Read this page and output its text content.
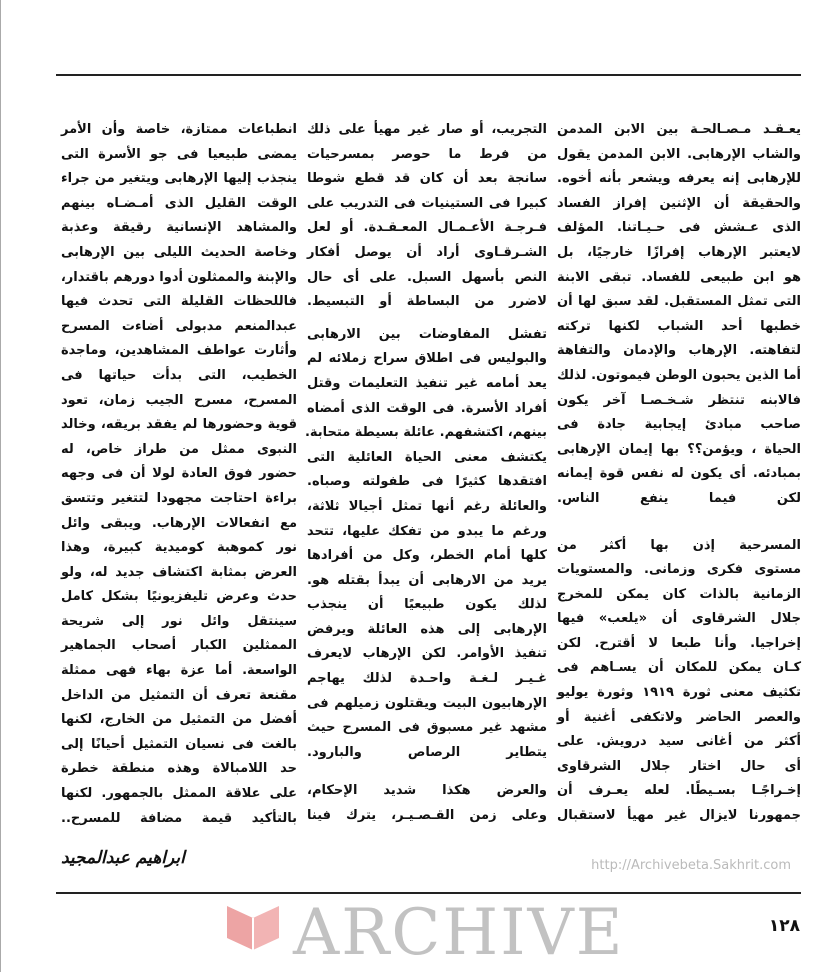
يعـقـد مـصـالحـة بين الابن المدمن
والشاب الإرهابى. الابن المدمن يقول
للإرهابى إنه يعرفه ويشعر بأنه أخوه.
والحقيقة أن الإثنين إفراز الفساد
الذى عـشش فى حـيـاتنا. المؤلف
لايعتبر الإرهاب إفرازًا خارجيًا، بل
هو ابن طبيعى للفساد. تبقى الابنة
التى تمثل المستقبل. لقد سبق لها أن
خطبها أحد الشباب لكنها تركته
لتفاهته. الإرهاب والإدمان والتفاهة
أما الذين يحبون الوطن فيموتون. لذلك
فالابنه تنتظر شـخـصـا آخر يكون
صاحب مبادئ إيجابية جادة فى
الحياة ، ويؤمن؟؟ بها إيمان الإرهابى
بمبادئه. أى يكون له نفس قوة إيمانه
لكن فيما ينفع الناس.
المسرحية إذن بها أكثر من
مستوى فكرى وزمانى. والمستويات
الزمانية بالذات كان يمكن للمخرج
جلال الشرقاوى أن «يلعب» فيها
إخراجيا. وأنا طبعا لا أقترح. لكن
كـان يمكن للمكان أن يسـاهم فى
تكثيف معنى ثورة ١٩١٩ وثورة يوليو
والعصر الحاضر ولاتكفى أغنية أو
أكثر من أغانى سيد درويش. على
أى حال اختار جلال الشرقاوى
إخـراجًـا بسـيطًا. لعله يعـرف أن
جمهورنا لايزال غير مهيأ لاستقبال
التجريب، أو صار غير مهيأ على ذلك
من فرط ما حوصر بمسرحيات
سانجة بعد أن كان قد قطع شوطا
كبيرا فى الستينيات فى التدريب على
فـرجـة الأعـمـال المعـقـدة. أو لعل
الشـرقـاوى أراد أن يوصل أفكار
النص بأسهل السبل. على أى حال
لاضرر من البساطة أو التبسيط.
تفشل المفاوضات بين الارهابى
والبوليس فى اطلاق سراح زملائه لم
يعد أمامه غير تنفيذ التعليمات وقتل
أفراد الأسرة. فى الوقت الذى أمضاه
بينهم، اكتشفهم. عائلة بسيطة متحابة.
يكتشف معنى الحياة العائلية التى
افتقدها كثيرًا فى طفولته وصباه.
والعائلة رغم أنها تمثل أجيالا ثلاثة،
ورغم ما يبدو من تفكك عليها، تتحد
كلها أمام الخطر، وكل من أفرادها
يريد من الارهابى أن يبدأ بقتله هو.
لذلك يكون طبيعيًا أن ينجذب
الإرهابى إلى هذه العائلة ويرفض
تنفيذ الأوامر. لكن الإرهاب لايعرف
غـيـر لـغـة واحـدة لذلك يهاجم
الإرهابيون البيت ويقتلون زميلهم فى
مشهد غير مسبوق فى المسرح حيث
يتطاير الرصاص والبارود.
والعرض هكذا شديد الإحكام،
وعلى زمن القـصـيـر، يترك فينا
انطباعات ممتازة، خاصة وأن الأمر
يمضى طبيعيا فى جو الأسرة التى
ينجذب إليها الإرهابى ويتغير من جراء
الوقت القليل الذى أمـضـاه بينهم
والمشاهد الإنسانية رقيقة وعذبة
وخاصة الحديث الليلى بين الإرهابى
والإبنة والممثلون أدوا دورهم باقتدار،
فاللحظات القليلة التى تحدث فيها
عبدالمنعم مدبولى أضاءت المسرح
وأثارت عواطف المشاهدين، وماجدة
الخطيب، التى بدأت حياتها فى
المسرح، مسرح الجيب زمان، تعود
قوية وحضورها لم يفقد بريقه، وخالد
النبوى ممثل من طراز خاص، له
حضور فوق العادة لولا أن فى وجهه
براءة احتاجت مجهودا لتتغير وتتسق
مع انفعالات الإرهاب. ويبقى وائل
نور كموهبة كوميدية كبيرة، وهذا
العرض بمثابة اكتشاف جديد له، ولو
حدث وعرض تليفزيونيًا بشكل كامل
سينتقل وائل نور إلى شريحة
الممثلين الكبار أصحاب الجماهير
الواسعة. أما عزة بهاء فهى ممثلة
مقنعة تعرف أن التمثيل من الداخل
أفضل من التمثيل من الخارج، لكنها
بالغت فى نسيان التمثيل أحيانًا إلى
حد اللامبالاة وهذه منطقة خطرة
على علاقة الممثل بالجمهور. لكنها
بالتأكيد قيمة مضافة للمسرح..
ابراهيم عبدالمجيد
١٢٨
ARCHIVE
http://Archivebeta.Sakhrit.com
